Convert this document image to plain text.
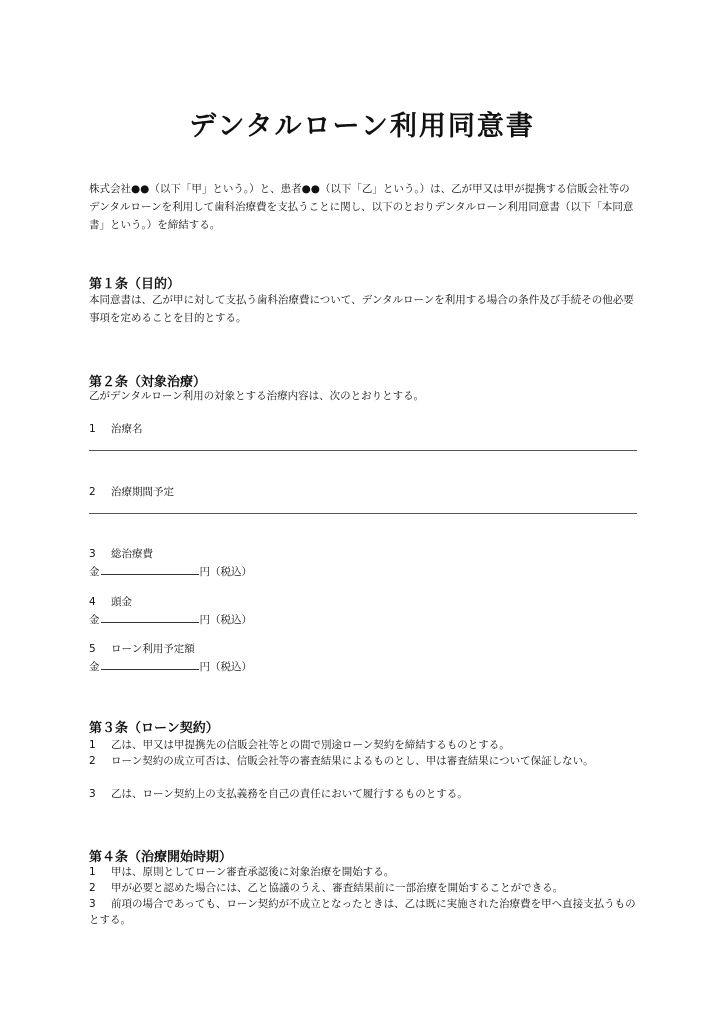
デンタルローン利用同意書

株式会社●●（以下「甲」という。）と、患者●●（以下「乙」という。）は、乙が甲又は甲が提携する信販会社等のデンタルローンを利用して歯科治療費を支払うことに関し、以下のとおりデンタルローン利用同意書（以下「本同意書」という。）を締結する。

第１条（目的）

本同意書は、乙が甲に対して支払う歯科治療費について、デンタルローンを利用する場合の条件及び手続その他必要事項を定めることを目的とする。

第２条（対象治療）

乙がデンタルローン利用の対象とする治療内容は、次のとおりとする。

1 治療名

2 治療期間予定

3 総治療費

金	円（税込）

4 頭金

金	円（税込）

5 ローン利用予定額

金	円（税込）

第３条（ローン契約）

1 乙は、甲又は甲提携先の信販会社等との間で別途ローン契約を締結するものとする。

2 ローン契約の成立可否は、信販会社等の審査結果によるものとし、甲は審査結果について保証しない。

3 乙は、ローン契約上の支払義務を自己の責任において履行するものとする。

第４条（治療開始時期）

1 甲は、原則としてローン審査承認後に対象治療を開始する。

2 甲が必要と認めた場合には、乙と協議のうえ、審査結果前に一部治療を開始することができる。

3 前項の場合であっても、ローン契約が不成立となったときは、乙は既に実施された治療費を甲へ直接支払うものとする。
